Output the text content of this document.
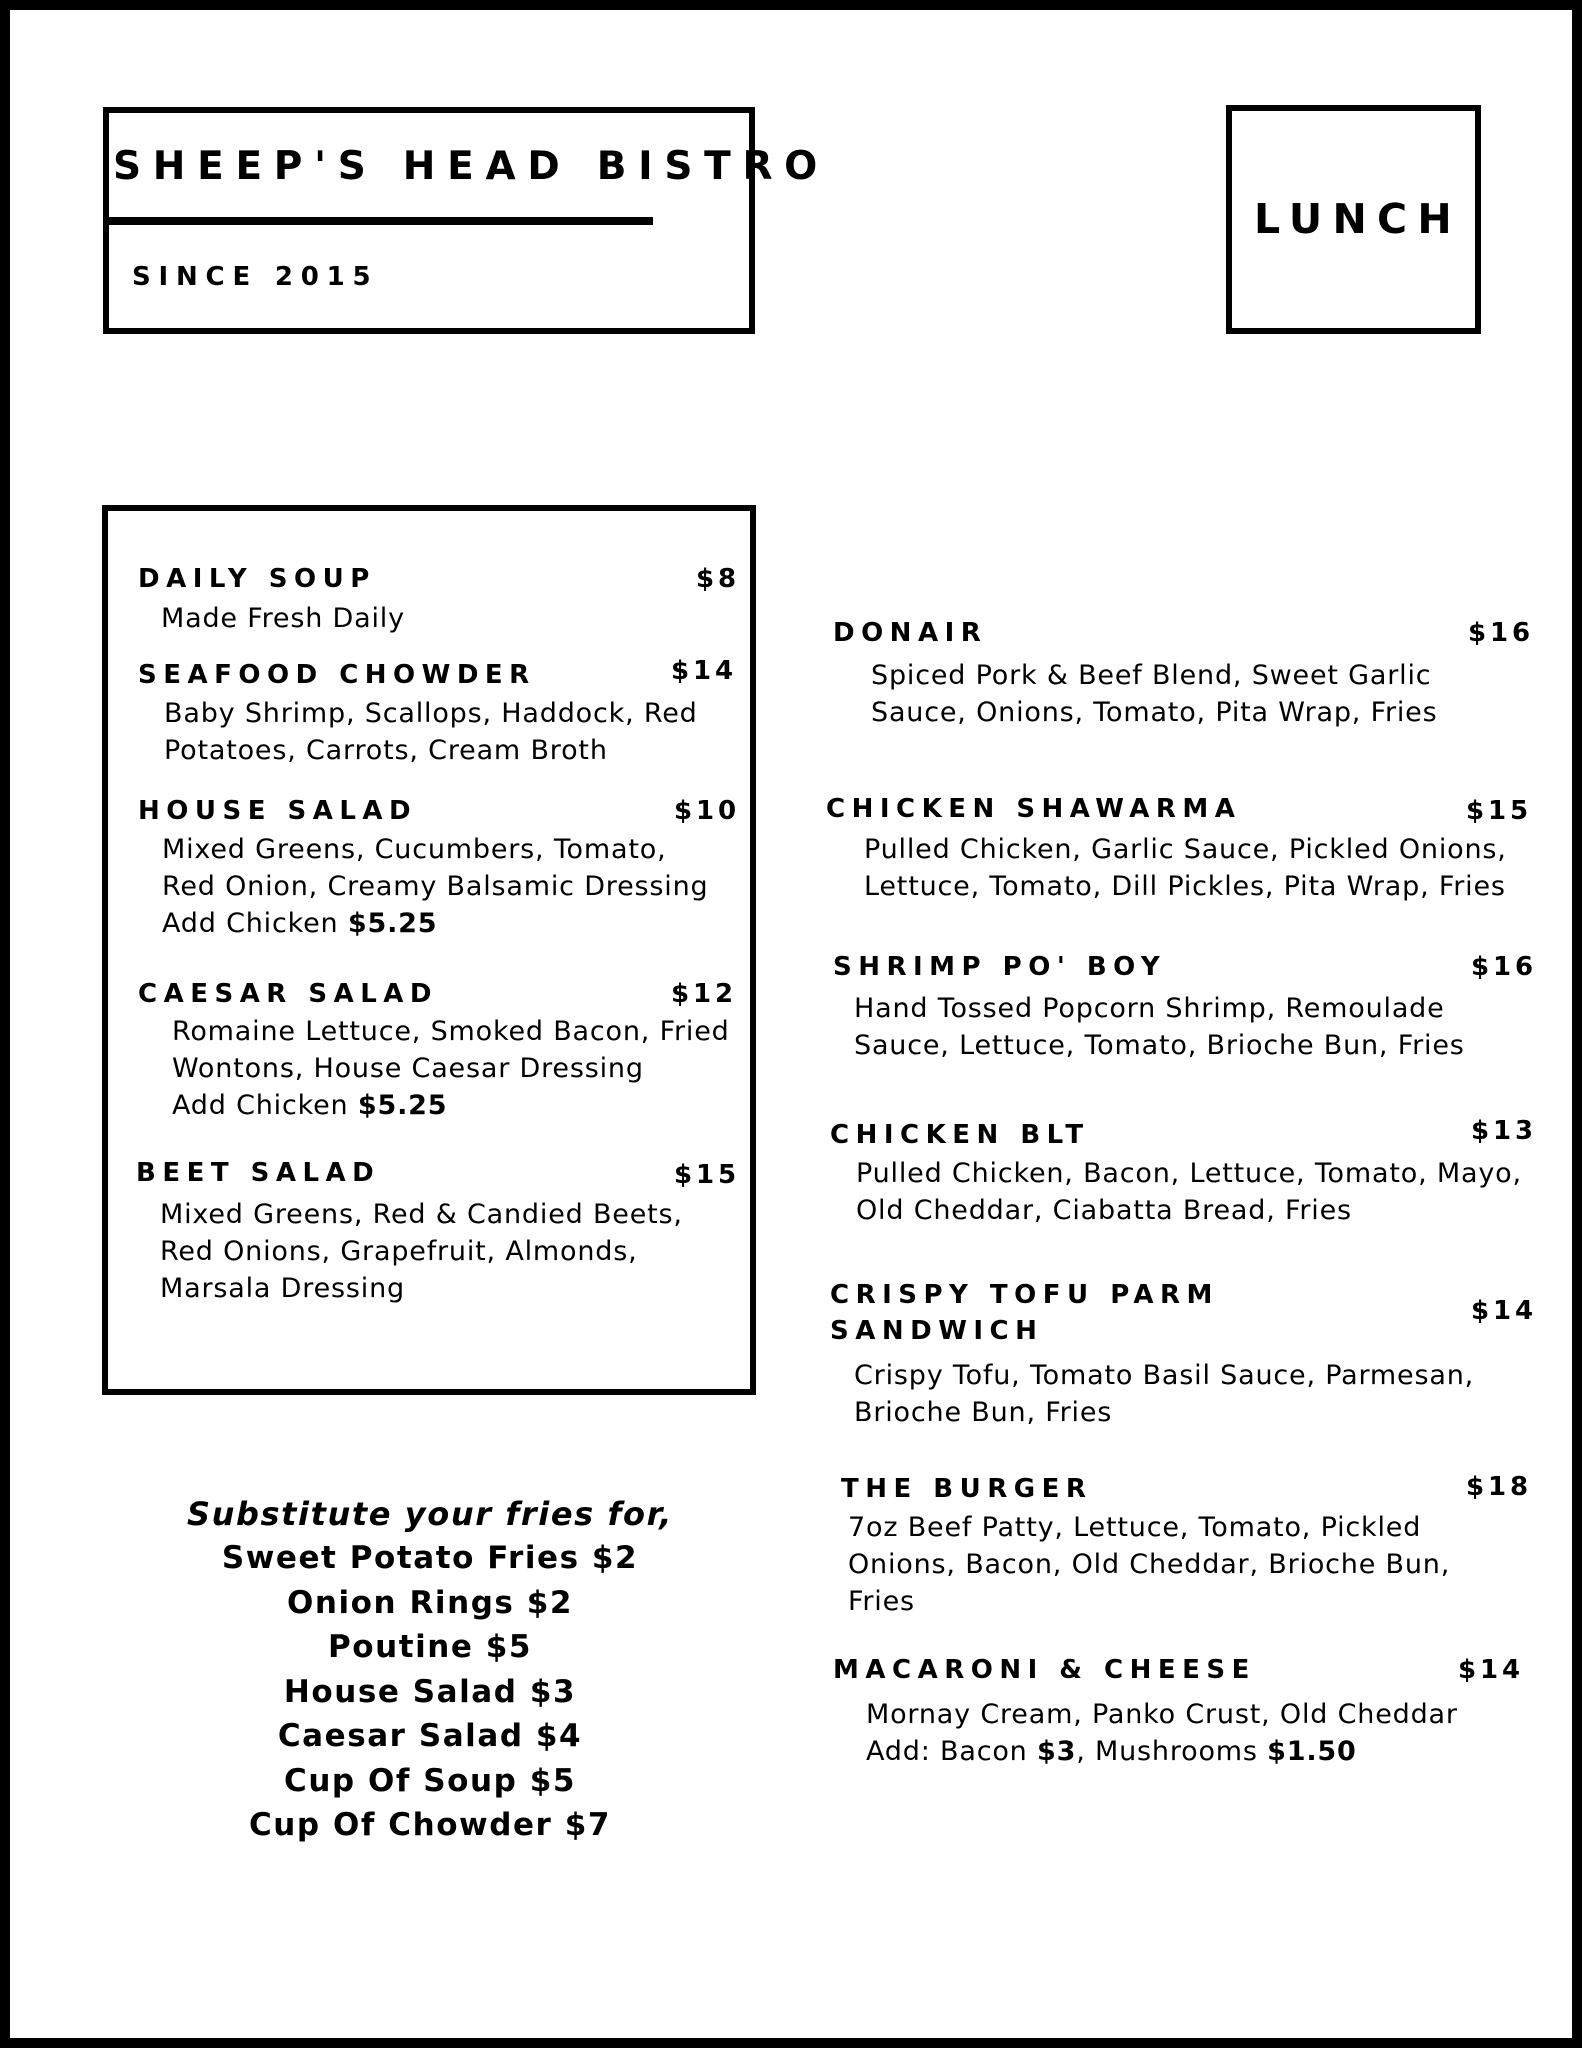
SHEEP'S HEAD BISTRO
SINCE 2015
LUNCH
DAILY SOUP	$8
Made Fresh Daily
SEAFOOD CHOWDER	$14
Baby Shrimp, Scallops, Haddock, Red
Potatoes, Carrots, Cream Broth
HOUSE SALAD	$10
Mixed Greens, Cucumbers, Tomato,
Red Onion, Creamy Balsamic Dressing
Add Chicken $5.25
CAESAR SALAD	$12
Romaine Lettuce, Smoked Bacon, Fried
Wontons, House Caesar Dressing
Add Chicken $5.25
BEET SALAD	$15
Mixed Greens, Red & Candied Beets,
Red Onions, Grapefruit, Almonds,
Marsala Dressing
Substitute your fries for,
Sweet Potato Fries $2
Onion Rings $2
Poutine $5
House Salad $3
Caesar Salad $4
Cup Of Soup $5
Cup Of Chowder $7
DONAIR	$16
Spiced Pork & Beef Blend, Sweet Garlic
Sauce, Onions, Tomato, Pita Wrap, Fries
CHICKEN SHAWARMA	$15
Pulled Chicken, Garlic Sauce, Pickled Onions,
Lettuce, Tomato, Dill Pickles, Pita Wrap, Fries
SHRIMP PO' BOY	$16
Hand Tossed Popcorn Shrimp, Remoulade
Sauce, Lettuce, Tomato, Brioche Bun, Fries
CHICKEN BLT	$13
Pulled Chicken, Bacon, Lettuce, Tomato, Mayo,
Old Cheddar, Ciabatta Bread, Fries
CRISPY TOFU PARM
SANDWICH
$14
Crispy Tofu, Tomato Basil Sauce, Parmesan,
Brioche Bun, Fries
THE BURGER	$18
7oz Beef Patty, Lettuce, Tomato, Pickled
Onions, Bacon, Old Cheddar, Brioche Bun,
Fries
MACARONI & CHEESE	$14
Mornay Cream, Panko Crust, Old Cheddar
Add: Bacon $3, Mushrooms $1.50
